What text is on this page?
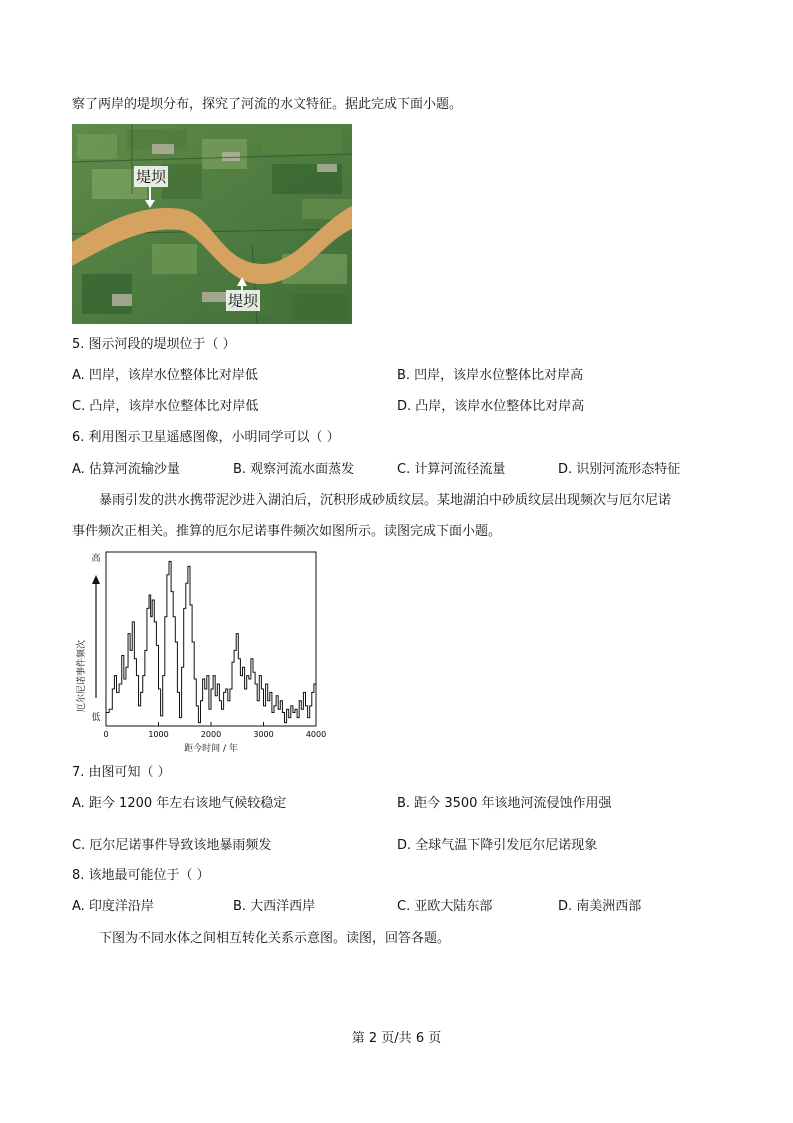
察了两岸的堤坝分布，探究了河流的水文特征。据此完成下面小题。
堤坝
堤坝
5. 图示河段的堤坝位于（ ）
A. 凹岸，该岸水位整体比对岸低	B. 凹岸，该岸水位整体比对岸高
C. 凸岸，该岸水位整体比对岸低	D. 凸岸，该岸水位整体比对岸高
6. 利用图示卫星遥感图像，小明同学可以（ ）
A. 估算河流输沙量	B. 观察河流水面蒸发	C. 计算河流径流量	D. 识别河流形态特征
暴雨引发的洪水携带泥沙进入湖泊后，沉积形成砂质纹层。某地湖泊中砂质纹层出现频次与厄尔尼诺
事件频次正相关。推算的厄尔尼诺事件频次如图所示。读图完成下面小题。
厄尔尼诺事件频次
高
低
0	1000	2000	3000	4000
距今时间 / 年
7. 由图可知（ ）
A. 距今 1200 年左右该地气候较稳定	B. 距今 3500 年该地河流侵蚀作用强
C. 厄尔尼诺事件导致该地暴雨频发	D. 全球气温下降引发厄尔尼诺现象
8. 该地最可能位于（ ）
A. 印度洋沿岸	B. 大西洋西岸	C. 亚欧大陆东部	D. 南美洲西部
下图为不同水体之间相互转化关系示意图。读图，回答各题。
第 2 页/共 6 页
